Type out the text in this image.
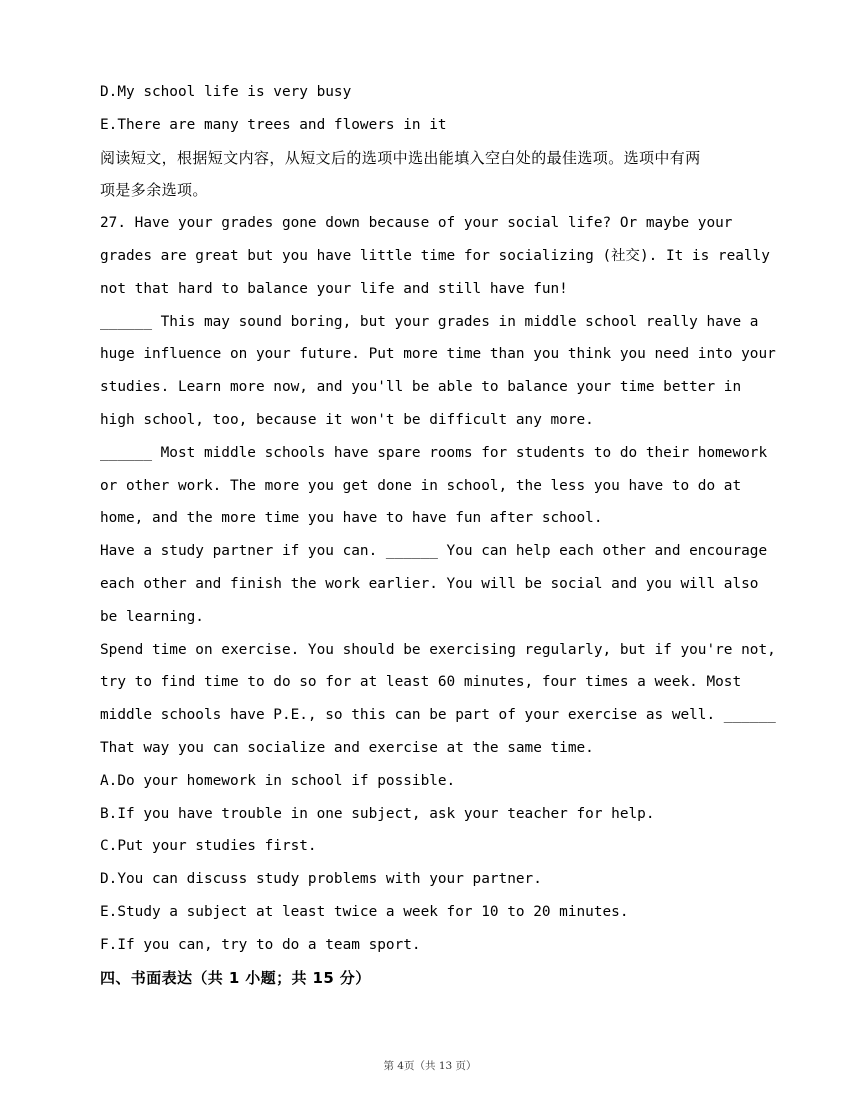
D.My school life is very busy
E.There are many trees and flowers in it
阅读短文，根据短文内容，从短文后的选项中选出能填入空白处的最佳选项。选项中有两
项是多余选项。
27. Have your grades gone down because of your social life? Or maybe your
grades are great but you have little time for socializing (社交). It is really
not that hard to balance your life and still have fun!
______ This may sound boring, but your grades in middle school really have a
huge influence on your future. Put more time than you think you need into your
studies. Learn more now, and you'll be able to balance your time better in
high school, too, because it won't be difficult any more.
______ Most middle schools have spare rooms for students to do their homework
or other work. The more you get done in school, the less you have to do at
home, and the more time you have to have fun after school.
Have a study partner if you can. ______ You can help each other and encourage
each other and finish the work earlier. You will be social and you will also
be learning.
Spend time on exercise. You should be exercising regularly, but if you're not,
try to find time to do so for at least 60 minutes, four times a week. Most
middle schools have P.E., so this can be part of your exercise as well. ______
That way you can socialize and exercise at the same time.
A.Do your homework in school if possible.
B.If you have trouble in one subject, ask your teacher for help.
C.Put your studies first.
D.You can discuss study problems with your partner.
E.Study a subject at least twice a week for 10 to 20 minutes.
F.If you can, try to do a team sport.
四、书面表达（共 1 小题；共 15 分）
第 4页（共 13 页）
